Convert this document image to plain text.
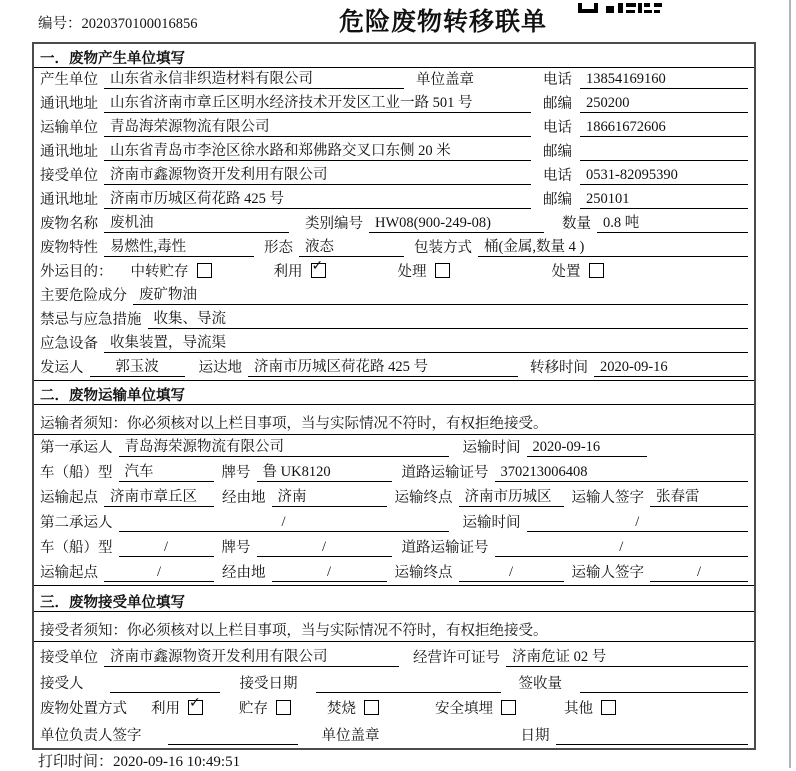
编号：2020370100016856	危险废物转移联单
一．废物产生单位填写
产生单位 山东省永信非织造材料有限公司	单位盖章	电话 13854169160
通讯地址 山东省济南市章丘区明水经济技术开发区工业一路 501 号	邮编 250200
运输单位 青岛海荣源物流有限公司	电话 18661672606
通讯地址 山东省青岛市李沧区徐水路和郑佛路交叉口东侧 20 米	邮编
接受单位 济南市鑫源物资开发利用有限公司	电话 0531-82095390
通讯地址 济南市历城区荷花路 425 号	邮编 250101
废物名称 废机油	类别编号 HW08(900-249-08)	数量 0.8 吨
废物特性 易燃性,毒性	形态 液态	包装方式 桶(金属,数量 4 )
外运目的：	中转贮存	利用 ✓	处理	处置
主要危险成分 废矿物油
禁忌与应急措施 收集、导流
应急设备 收集装置，导流渠
发运人	郭玉波	运达地 济南市历城区荷花路 425 号	转移时间 2020-09-16
二．废物运输单位填写
运输者须知：你必须核对以上栏目事项，当与实际情况不符时，有权拒绝接受。
第一承运人 青岛海荣源物流有限公司	运输时间 2020-09-16
车（船）型 汽车	牌号 鲁 UK8120	道路运输证号 370213006408
运输起点 济南市章丘区	经由地 济南	运输终点 济南市历城区	运输人签字 张春雷
第二承运人	/	运输时间	/
车（船）型	/	牌号	/	道路运输证号	/
运输起点	/	经由地	/	运输终点	/	运输人签字	/
三．废物接受单位填写
接受者须知：你必须核对以上栏目事项，当与实际情况不符时，有权拒绝接受。
接受单位 济南市鑫源物资开发利用有限公司	经营许可证号 济南危证 02 号
接受人	接受日期	签收量
废物处置方式	利用 ✓	贮存	焚烧	安全填埋	其他
单位负责人签字	单位盖章	日期
打印时间：2020-09-16 10:49:51
